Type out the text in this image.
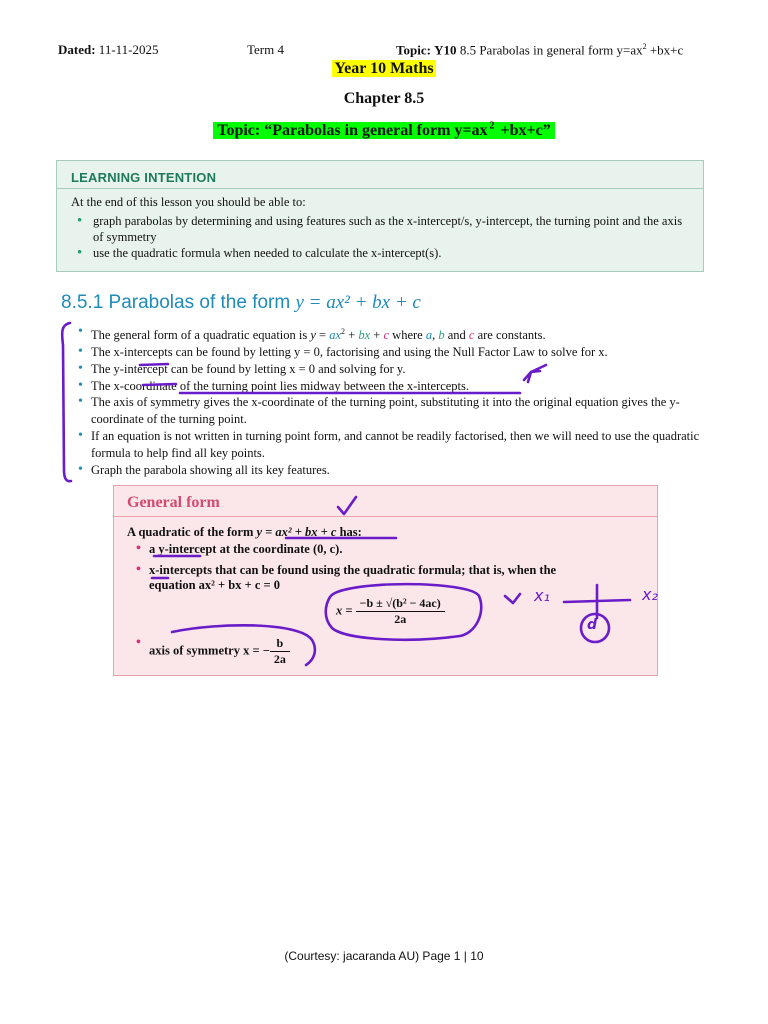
Dated: 11-11-2025	Term 4	Topic: Y10 8.5 Parabolas in general form $y=ax^2 +bx+c$
Year 10 Maths
Chapter 8.5
Topic: “Parabolas in general form y=ax $^2$ +bx+c”
LEARNING INTENTION
At the end of this lesson you should be able to:
• graph parabolas by determining and using features such as the x-intercept/s, y-intercept, the turning point and the axis of symmetry
• use the quadratic formula when needed to calculate the x-intercept(s).
8.5.1 Parabolas of the form y = ax² + bx + c
• The general form of a quadratic equation is $y = ax^2$ + bx + c where a, b and c are constants.
• The x-intercepts can be found by letting y = 0, factorising and using the Null Factor Law to solve for x.
• The y-intercept can be found by letting x = 0 and solving for y.
• The x-coordinate of the turning point lies midway between the x-intercepts.
• The axis of symmetry gives the x-coordinate of the turning point, substituting it into the original equation gives the y-coordinate of the turning point.
• If an equation is not written in turning point form, and cannot be readily factorised, then we will need to use the quadratic formula to help find all key points.
• Graph the parabola showing all its key features.
General form
A quadratic of the form y = ax² + bx + c has:
• a y-intercept at the coordinate (0, c).
• x-intercepts that can be found using the quadratic formula; that is, when the
equation ax² + bx + c = 0
$x = \frac{\text{−b ± √(b² − 4ac)}}{2a}$
• axis of symmetry x = − $\frac{b}{2a}$
x₁	x₂
d
(Courtesy: jacaranda AU) Page 1 | 10
